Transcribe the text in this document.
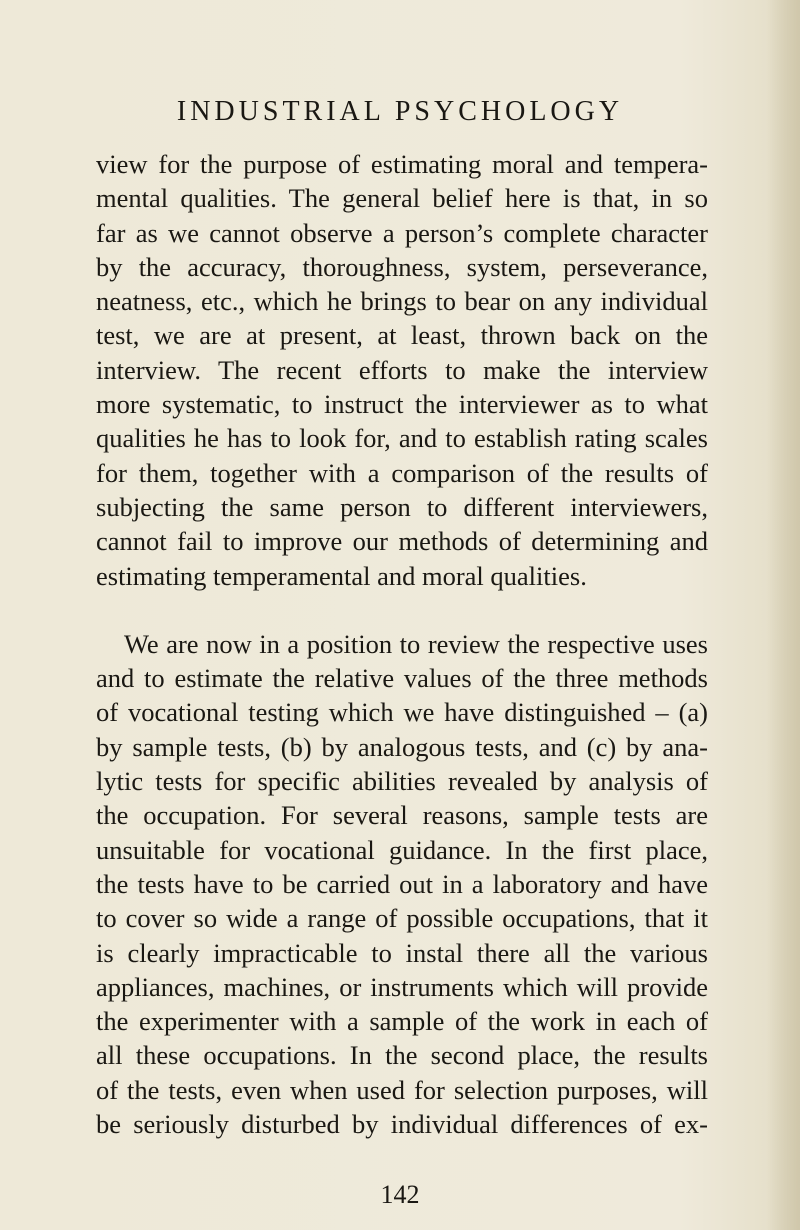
INDUSTRIAL PSYCHOLOGY
view for the purpose of estimating moral and tempera-
mental qualities. The general belief here is that, in so
far as we cannot observe a person’s complete character
by the accuracy, thoroughness, system, perseverance,
neatness, etc., which he brings to bear on any individual
test, we are at present, at least, thrown back on the
interview. The recent efforts to make the interview
more systematic, to instruct the interviewer as to what
qualities he has to look for, and to establish rating scales
for them, together with a comparison of the results of
subjecting the same person to different interviewers,
cannot fail to improve our methods of determining and
estimating temperamental and moral qualities.
We are now in a position to review the respective uses
and to estimate the relative values of the three methods
of vocational testing which we have distinguished – (a)
by sample tests, (b) by analogous tests, and (c) by ana-
lytic tests for specific abilities revealed by analysis of
the occupation. For several reasons, sample tests are
unsuitable for vocational guidance. In the first place,
the tests have to be carried out in a laboratory and have
to cover so wide a range of possible occupations, that it
is clearly impracticable to instal there all the various
appliances, machines, or instruments which will provide
the experimenter with a sample of the work in each of
all these occupations. In the second place, the results
of the tests, even when used for selection purposes, will
be seriously disturbed by individual differences of ex-
142
